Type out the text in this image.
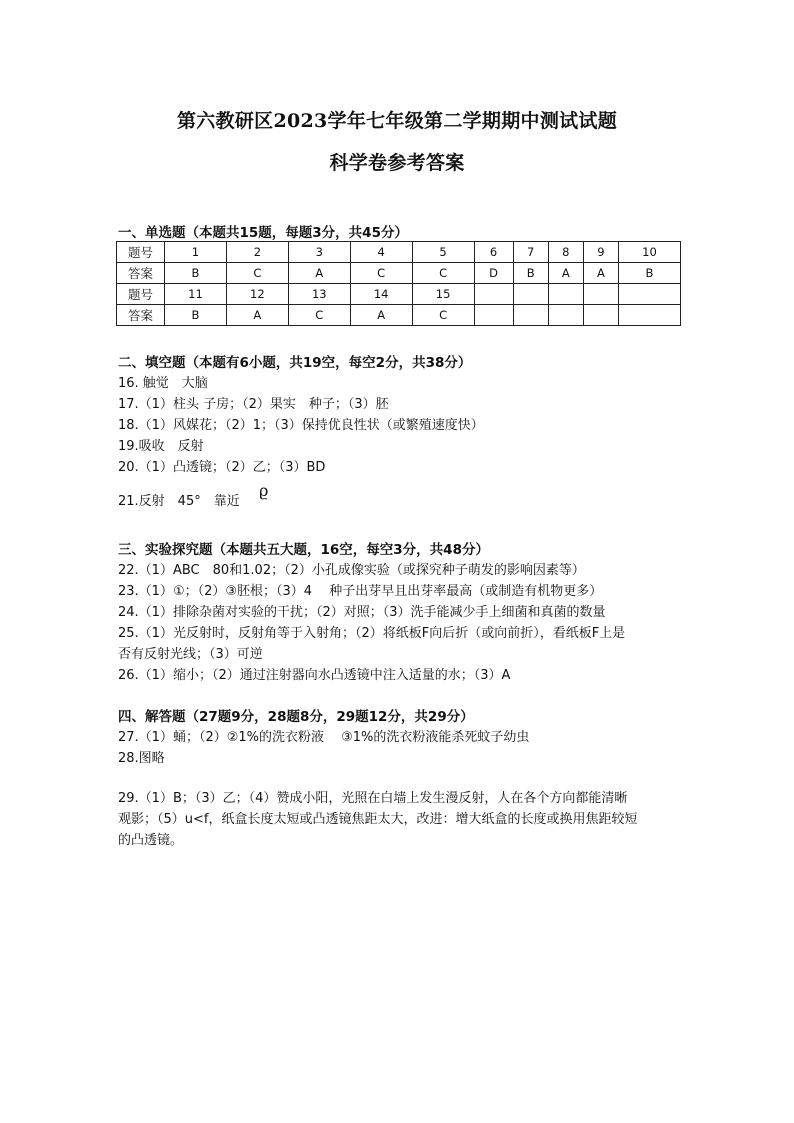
第六教研区2023学年七年级第二学期期中测试试题
科学卷参考答案
一、单选题（本题共15题，每题3分，共45分）
题号	1	2	3	4	5	6	7	8	9	10
答案	B	C	A	C	C	D	B	A	A	B
题号	11	12	13	14	15					
答案	B	A	C	A	C					
二、填空题（本题有6小题，共19空，每空2分，共38分）
16. 触觉　大脑
17.（1）柱头 子房；（2）果实　种子；（3）胚
18.（1）风媒花；（2）1；（3）保持优良性状（或繁殖速度快）
19.吸收　反射
20.（1）凸透镜；（2）乙；（3）BD
21.反射　45°　靠近
ϱ
三、实验探究题（本题共五大题，16空，每空3分，共48分）
22.（1）ABC　80和1.02；（2）小孔成像实验（或探究种子萌发的影响因素等）
23.（1）①；（2）③胚根；（3）4　 种子出芽早且出芽率最高（或制造有机物更多）
24.（1）排除杂菌对实验的干扰；（2）对照；（3）洗手能减少手上细菌和真菌的数量
25.（1）光反射时，反射角等于入射角；（2）将纸板F向后折（或向前折），看纸板F上是
否有反射光线；（3）可逆
26.（1）缩小；（2）通过注射器向水凸透镜中注入适量的水；（3）A
四、解答题（27题9分，28题8分，29题12分，共29分）
27.（1）蛹；（2）②1%的洗衣粉液　 ③1%的洗衣粉液能杀死蚊子幼虫
28.图略
29.（1）B；（3）乙；（4）赞成小阳，光照在白墙上发生漫反射，人在各个方向都能清晰
观影；（5）u<f，纸盒长度太短或凸透镜焦距太大，改进：增大纸盒的长度或换用焦距较短
的凸透镜。
